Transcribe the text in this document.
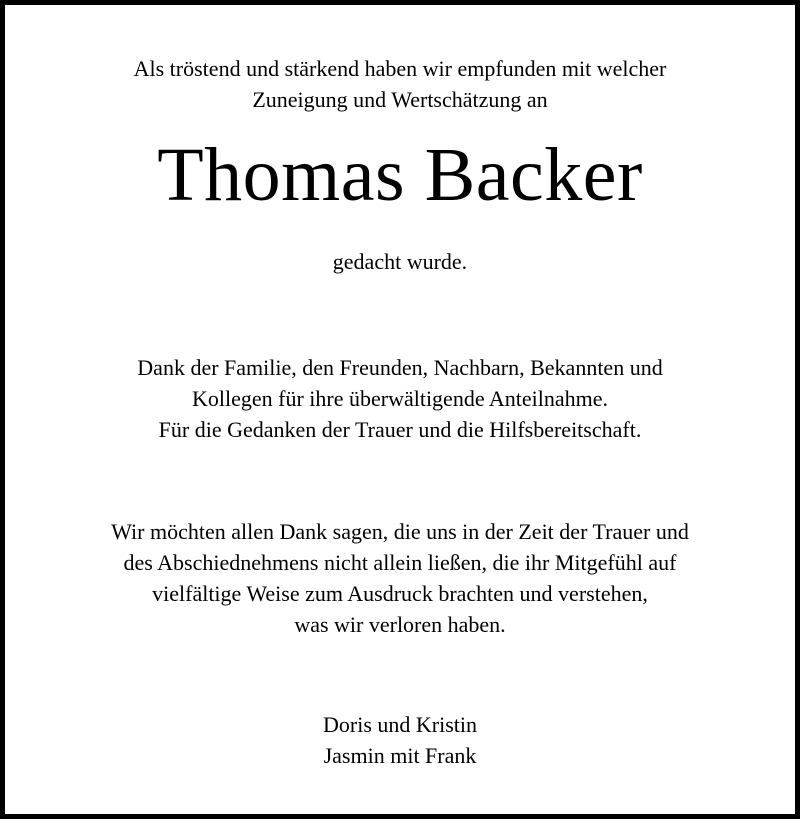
Als tröstend und stärkend haben wir empfunden mit welcher
Zuneigung und Wertschätzung an
Thomas Backer
gedacht wurde.
Dank der Familie, den Freunden, Nachbarn, Bekannten und
Kollegen für ihre überwältigende Anteilnahme.
Für die Gedanken der Trauer und die Hilfsbereitschaft.
Wir möchten allen Dank sagen, die uns in der Zeit der Trauer und
des Abschiednehmens nicht allein ließen, die ihr Mitgefühl auf
vielfältige Weise zum Ausdruck brachten und verstehen,
was wir verloren haben.
Doris und Kristin
Jasmin mit Frank
